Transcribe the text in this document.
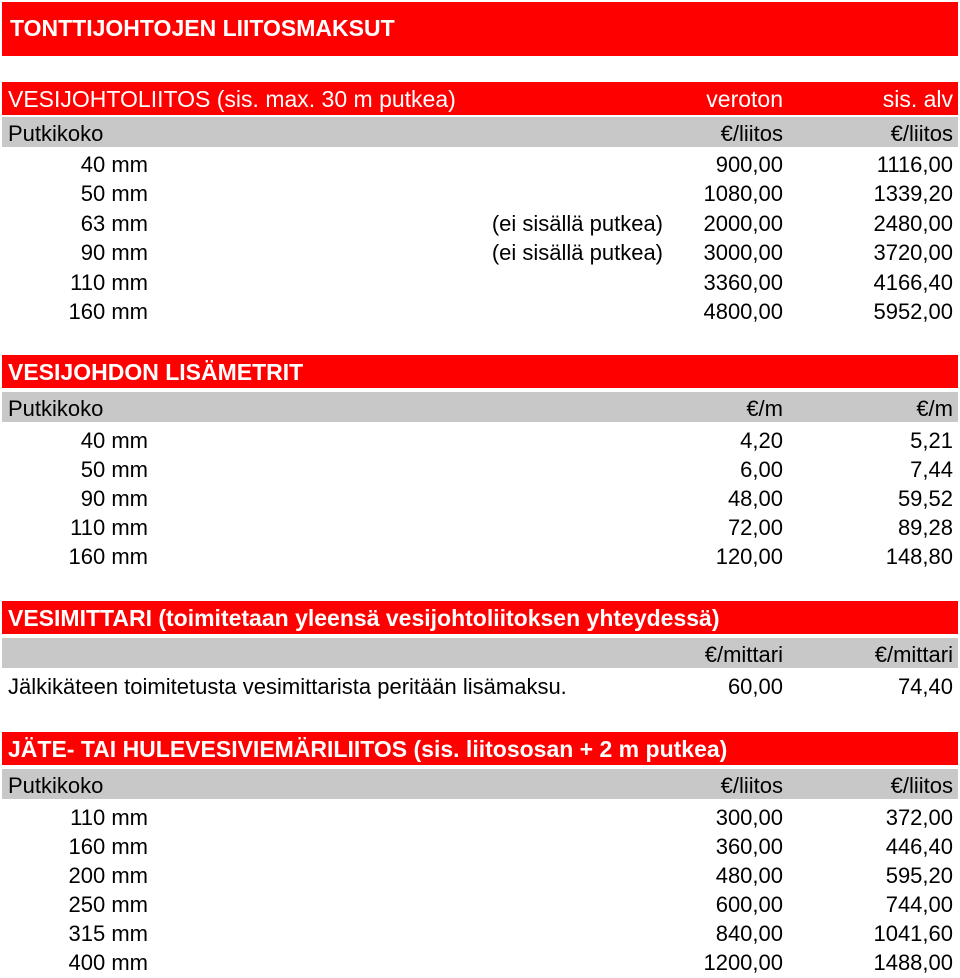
TONTTIJOHTOJEN LIITOSMAKSUT
VESIJOHTOLIITOS (sis. max. 30 m putkea)	veroton	sis. alv
Putkikoko	€/liitos	€/liitos
40 mm	900,00	1116,00
50 mm	1080,00	1339,20
63 mm	(ei sisällä putkea) 2000,00	2480,00
90 mm	(ei sisällä putkea) 3000,00	3720,00
110 mm	3360,00	4166,40
160 mm	4800,00	5952,00
VESIJOHDON LISÄMETRIT
Putkikoko	€/m	€/m
40 mm	4,20	5,21
50 mm	6,00	7,44
90 mm	48,00	59,52
110 mm	72,00	89,28
160 mm	120,00	148,80
VESIMITTARI (toimitetaan yleensä vesijohtoliitoksen yhteydessä)
€/mittari	€/mittari
Jälkikäteen toimitetusta vesimittarista peritään lisämaksu.	60,00	74,40
JÄTE- TAI HULEVESIVIEMÄRILIITOS (sis. liitososan + 2 m putkea)
Putkikoko	€/liitos	€/liitos
110 mm	300,00	372,00
160 mm	360,00	446,40
200 mm	480,00	595,20
250 mm	600,00	744,00
315 mm	840,00	1041,60
400 mm	1200,00	1488,00
